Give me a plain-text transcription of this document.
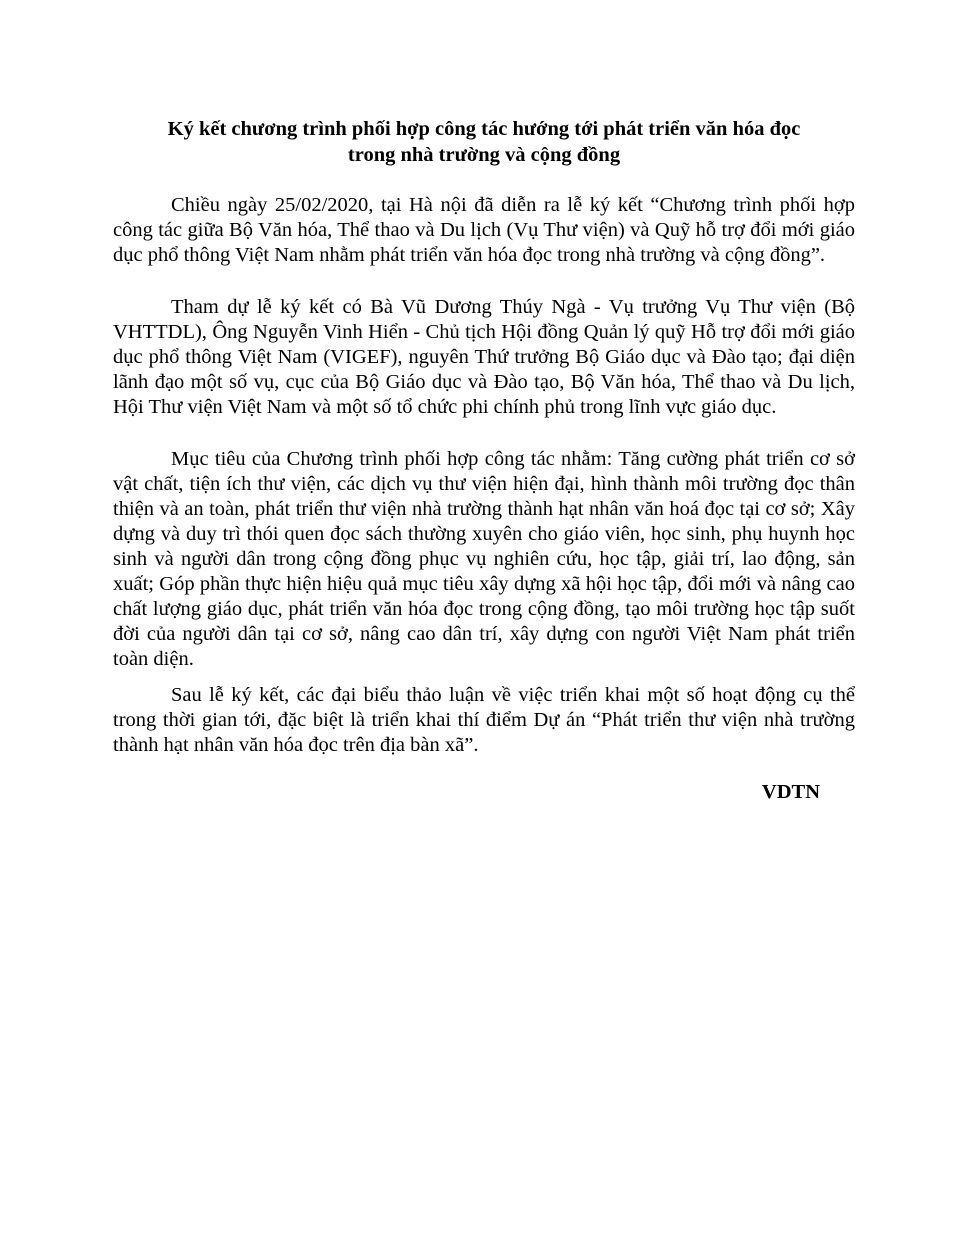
Ký kết chương trình phối hợp công tác hướng tới phát triển văn hóa đọc
trong nhà trường và cộng đồng

Chiều ngày 25/02/2020, tại Hà nội đã diễn ra lễ ký kết “Chương trình phối hợp công tác giữa Bộ Văn hóa, Thể thao và Du lịch (Vụ Thư viện) và Quỹ hỗ trợ đổi mới giáo dục phổ thông Việt Nam nhằm phát triển văn hóa đọc trong nhà trường và cộng đồng”.

Tham dự lễ ký kết có Bà Vũ Dương Thúy Ngà - Vụ trưởng Vụ Thư viện (Bộ VHTTDL), Ông Nguyễn Vinh Hiển - Chủ tịch Hội đồng Quản lý quỹ Hỗ trợ đổi mới giáo dục phổ thông Việt Nam (VIGEF), nguyên Thứ trưởng Bộ Giáo dục và Đào tạo; đại diện lãnh đạo một số vụ, cục của Bộ Giáo dục và Đào tạo, Bộ Văn hóa, Thể thao và Du lịch, Hội Thư viện Việt Nam và một số tổ chức phi chính phủ trong lĩnh vực giáo dục.

Mục tiêu của Chương trình phối hợp công tác nhằm: Tăng cường phát triển cơ sở vật chất, tiện ích thư viện, các dịch vụ thư viện hiện đại, hình thành môi trường đọc thân thiện và an toàn, phát triển thư viện nhà trường thành hạt nhân văn hoá đọc tại cơ sở; Xây dựng và duy trì thói quen đọc sách thường xuyên cho giáo viên, học sinh, phụ huynh học sinh và người dân trong cộng đồng phục vụ nghiên cứu, học tập, giải trí, lao động, sản xuất; Góp phần thực hiện hiệu quả mục tiêu xây dựng xã hội học tập, đổi mới và nâng cao chất lượng giáo dục, phát triển văn hóa đọc trong cộng đồng, tạo môi trường học tập suốt đời của người dân tại cơ sở, nâng cao dân trí, xây dựng con người Việt Nam phát triển toàn diện.

Sau lễ ký kết, các đại biểu thảo luận về việc triển khai một số hoạt động cụ thể trong thời gian tới, đặc biệt là triển khai thí điểm Dự án “Phát triển thư viện nhà trường thành hạt nhân văn hóa đọc trên địa bàn xã”.

VDTN
